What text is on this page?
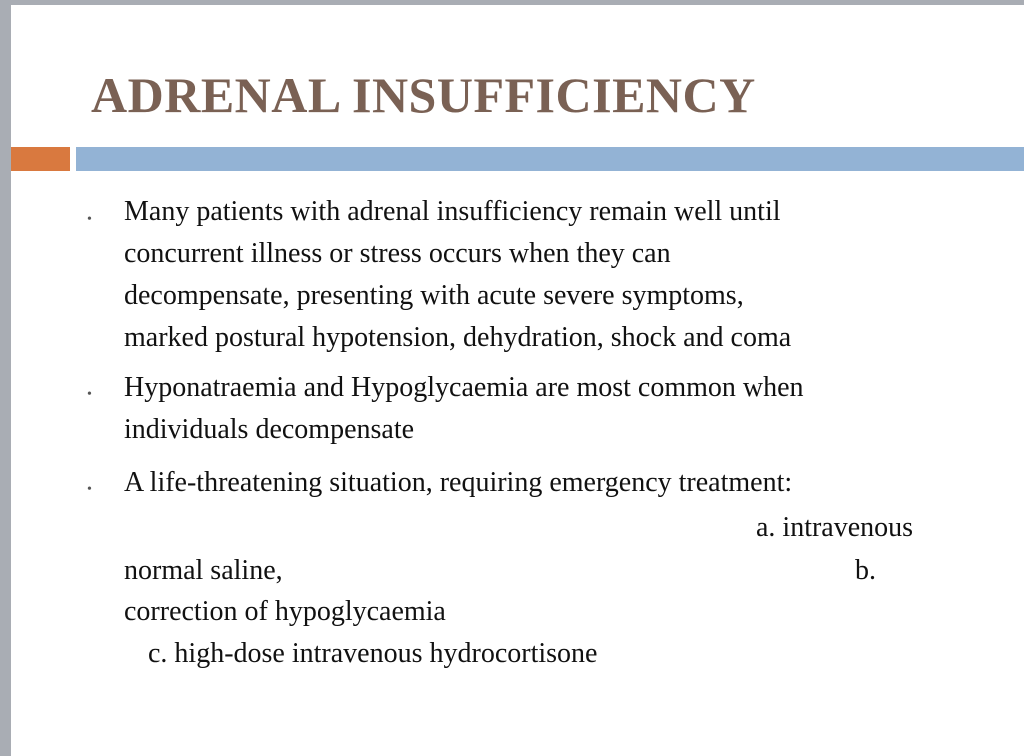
ADRENAL INSUFFICIENCY
• Many patients with adrenal insufficiency remain well until
concurrent illness or stress occurs when they can
decompensate, presenting with acute severe symptoms,
marked postural hypotension, dehydration, shock and coma
• Hyponatraemia and Hypoglycaemia are most common when
individuals decompensate
• A life-threatening situation, requiring emergency treatment:
a. intravenous
normal saline,	b.
correction of hypoglycaemia
c. high-dose intravenous hydrocortisone
